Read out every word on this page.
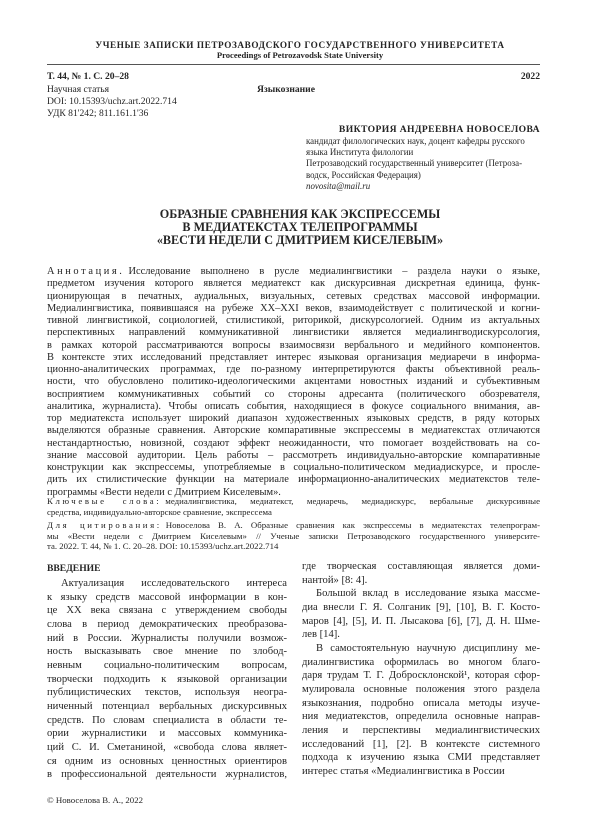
УЧЕНЫЕ ЗАПИСКИ ПЕТРОЗАВОДСКОГО ГОСУДАРСТВЕННОГО УНИВЕРСИТЕТА
Proceedings of Petrozavodsk State University
Т. 44, № 1. С. 20–28	2022
Научная статья	Языкознание
DOI: 10.15393/uchz.art.2022.714
УДК 81'242; 811.161.1'36
ВИКТОРИЯ АНДРЕЕВНА НОВОСЕЛОВА
кандидат филологических наук, доцент кафедры русского
языка Института филологии
Петрозаводский государственный университет (Петроза-
водск, Российская Федерация)
novosita@mail.ru
ОБРАЗНЫЕ СРАВНЕНИЯ КАК ЭКСПРЕССЕМЫ
В МЕДИАТЕКСТАХ ТЕЛЕПРОГРАММЫ
«ВЕСТИ НЕДЕЛИ С ДМИТРИЕМ КИСЕЛЕВЫМ»
Аннотация. Исследование выполнено в русле медиалингвистики – раздела науки о языке,
предметом изучения которого является медиатекст как дискурсивная дискретная единица, функ-
ционирующая в печатных, аудиальных, визуальных, сетевых средствах массовой информации.
Медиалингвистика, появившаяся на рубеже XX–XXI веков, взаимодействует с политической и когни-
тивной лингвистикой, социологией, стилистикой, риторикой, дискурсологией. Одним из актуальных
перспективных направлений коммуникативной лингвистики является медиалингводискурсология,
в рамках которой рассматриваются вопросы взаимосвязи вербального и медийного компонентов.
В контексте этих исследований представляет интерес языковая организация медиаречи в информа-
ционно-аналитических программах, где по-разному интерпретируются факты объективной реаль-
ности, что обусловлено политико-идеологическими акцентами новостных изданий и субъективным
восприятием коммуникативных событий со стороны адресанта (политического обозревателя,
аналитика, журналиста). Чтобы описать события, находящиеся в фокусе социального внимания, ав-
тор медиатекста использует широкий диапазон художественных языковых средств, в ряду которых
выделяются образные сравнения. Авторские компаративные экспрессемы в медиатекстах отличаются
нестандартностью, новизной, создают эффект неожиданности, что помогает воздействовать на со-
знание массовой аудитории. Цель работы – рассмотреть индивидуально-авторские компаративные
конструкции как экспрессемы, употребляемые в социально-политическом медиадискурсе, и просле-
дить их стилистические функции на материале информационно-аналитических медиатекстов теле-
программы «Вести недели с Дмитрием Киселевым».
Ключевые слова: медиалингвистика, медиатекст, медиаречь, медиадискурс, вербальные дискурсивные
средства, индивидуально-авторское сравнение, экспрессема
Для цитирования: Новоселова В. А. Образные сравнения как экспрессемы в медиатекстах телепрограм-
мы «Вести недели с Дмитрием Киселевым» // Ученые записки Петрозаводского государственного университе-
та. 2022. Т. 44, № 1. С. 20–28. DOI: 10.15393/uchz.art.2022.714
ВВЕДЕНИЕ
Актуализация исследовательского интереса
к языку средств массовой информации в кон-
це XX века связана с утверждением свободы
слова в период демократических преобразова-
ний в России. Журналисты получили возмож-
ность высказывать свое мнение по злобод-
невным социально-политическим вопросам,
творчески подходить к языковой организации
публицистических текстов, используя неогра-
ниченный потенциал вербальных дискурсивных
средств. По словам специалиста в области те-
ории журналистики и массовых коммуника-
ций С. И. Сметаниной, «свобода слова являет-
ся одним из основных ценностных ориентиров
в профессиональной деятельности журналистов,
где творческая составляющая является доми-
нантой» [8: 4].
Большой вклад в исследование языка массме-
диа внесли Г. Я. Солганик [9], [10], В. Г. Косто-
маров [4], [5], И. П. Лысакова [6], [7], Д. Н. Шме-
лев [14].
В самостоятельную научную дисциплину ме-
диалингвистика оформилась во многом благо-
даря трудам Т. Г. Добросклонской¹, которая сфор-
мулировала основные положения этого раздела
языкознания, подробно описала методы изуче-
ния медиатекстов, определила основные направ-
ления и перспективы медиалингвистических
исследований [1], [2]. В контексте системного
подхода к изучению языка СМИ представляет
интерес статья «Медиалингвистика в России
© Новоселова В. А., 2022
